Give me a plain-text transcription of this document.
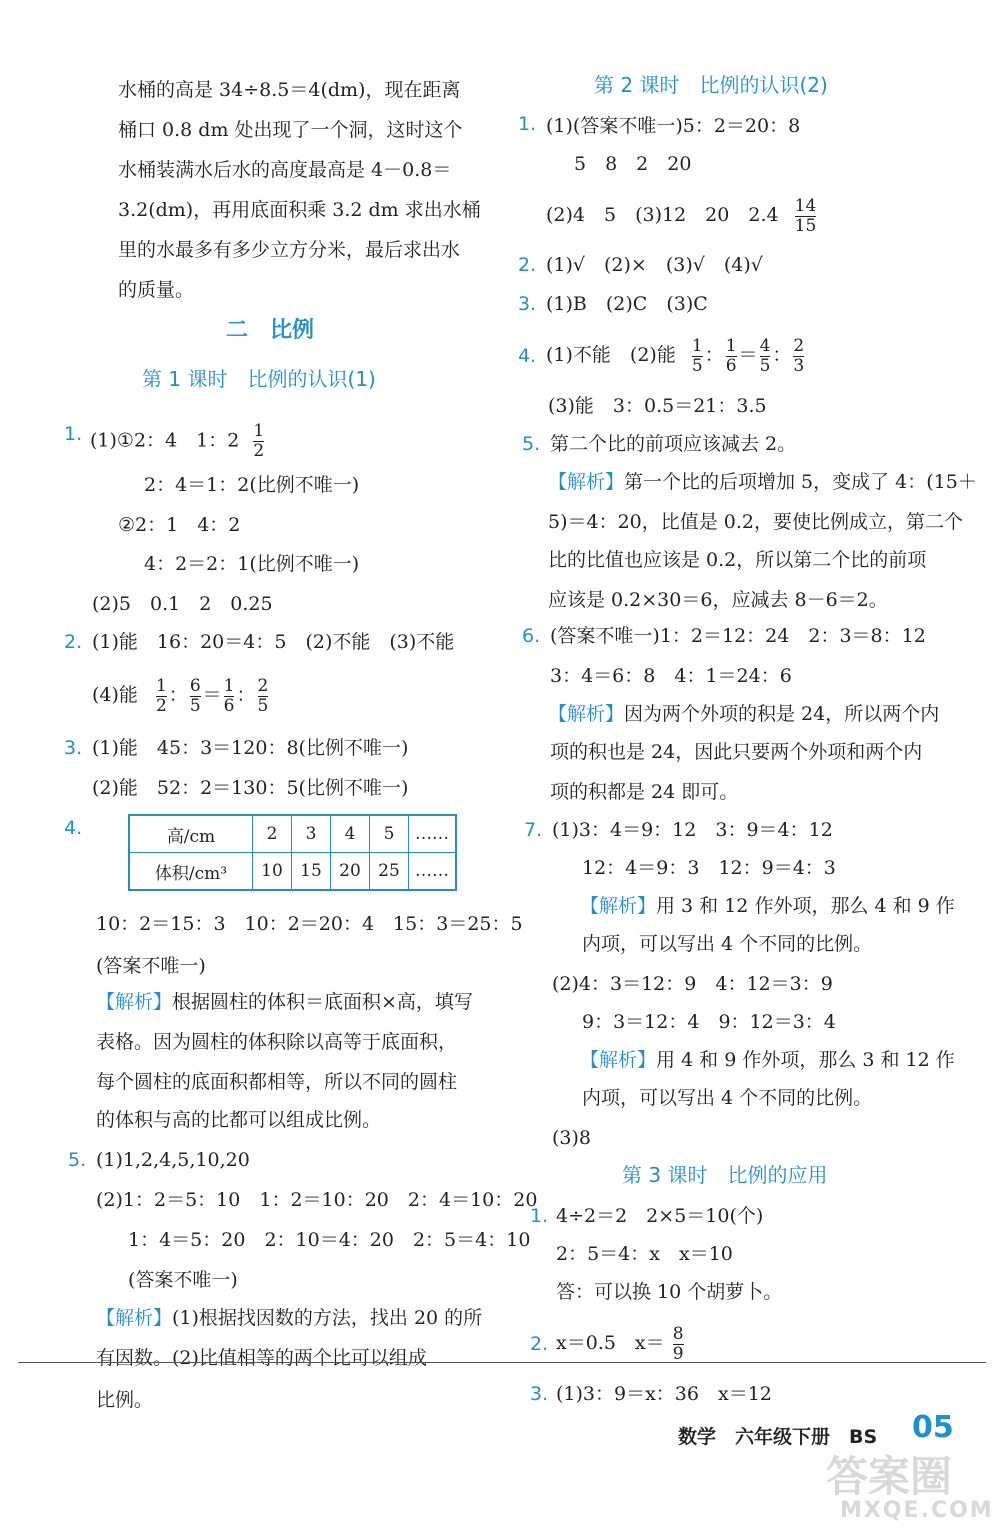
水桶的高是 34÷8.5＝4(dm)，现在距离
桶口 0.8 dm 处出现了一个洞，这时这个
水桶装满水后水的高度最高是 4－0.8＝
3.2(dm)，再用底面积乘 3.2 dm 求出水桶
里的水最多有多少立方分米，最后求出水
的质量。
二　比例
第 1 课时　比例的认识(1)
1. (1)①2：4　1：$2 \frac{1}{2}$
2：4＝1：2(比例不唯一)
②2：1　4：2
4：2＝2：1(比例不唯一)
(2)5　0.1　2　0.25
2. (1)能　16：20＝4：5　(2)不能　(3)不能
(4)能 $\frac{1}{2}$ ： $\frac{6}{5} = \frac{1}{6}$ ： $\frac{2}{5}$
3. (1)能　45：3＝120：8(比例不唯一)
(2)能　52：2＝130：5(比例不唯一)
4.	高/cm	2	3	4	5	……
体积/cm³	10	15	20	25	……
10：2＝15：3　10：2＝20：4　15：3＝25：5
(答案不唯一)
【解析】根据圆柱的体积＝底面积×高，填写
表格。因为圆柱的体积除以高等于底面积，
每个圆柱的底面积都相等，所以不同的圆柱
的体积与高的比都可以组成比例。
5. (1)1,2,4,5,10,20
(2)1：2＝5：10　1：2＝10：20　2：4＝10：20
1：4＝5：20　2：10＝4：20　2：5＝4：10
(答案不唯一)
【解析】(1)根据找因数的方法，找出 20 的所
有因数。(2)比值相等的两个比可以组成
比例。
第 2 课时　比例的认识(2)
1. (1)(答案不唯一)5：2＝20：8
5　8　2　20
(2)4　5　(3)12　20　$2.4 \frac{14}{15}$
2. (1)√　(2)×　(3)√　(4)√
3. (1)B　(2)C　(3)C
4. (1)不能　(2)能 $\frac{1}{5}$ ： $\frac{1}{6} = \frac{4}{5}$ ： $\frac{2}{3}$
(3)能　3：0.5＝21：3.5
5. 第二个比的前项应该减去 2。
【解析】第一个比的后项增加 5，变成了 4：(15＋
5)＝4：20，比值是 0.2，要使比例成立，第二个
比的比值也应该是 0.2，所以第二个比的前项
应该是 0.2×30＝6，应减去 8－6＝2。
6. (答案不唯一)1：2＝12：24　2：3＝8：12
3：4＝6：8　4：1＝24：6
【解析】因为两个外项的积是 24，所以两个内
项的积也是 24，因此只要两个外项和两个内
项的积都是 24 即可。
7. (1)3：4＝9：12　3：9＝4：12
12：4＝9：3　12：9＝4：3
【解析】用 3 和 12 作外项，那么 4 和 9 作
内项，可以写出 4 个不同的比例。
(2)4：3＝12：9　4：12＝3：9
9：3＝12：4　9：12＝3：4
【解析】用 4 和 9 作外项，那么 3 和 12 作
内项，可以写出 4 个不同的比例。
(3)8
第 3 课时　比例的应用
1. 4÷2＝2　2×5＝10(个)
2：5＝4：x　x＝10
答：可以换 10 个胡萝卜。
2. x＝0.5　$x= \frac{8}{9}$
3. (1)3：9＝x：36　x＝12
数学　六年级下册　BS 05
答案圈
MXQE.COM
